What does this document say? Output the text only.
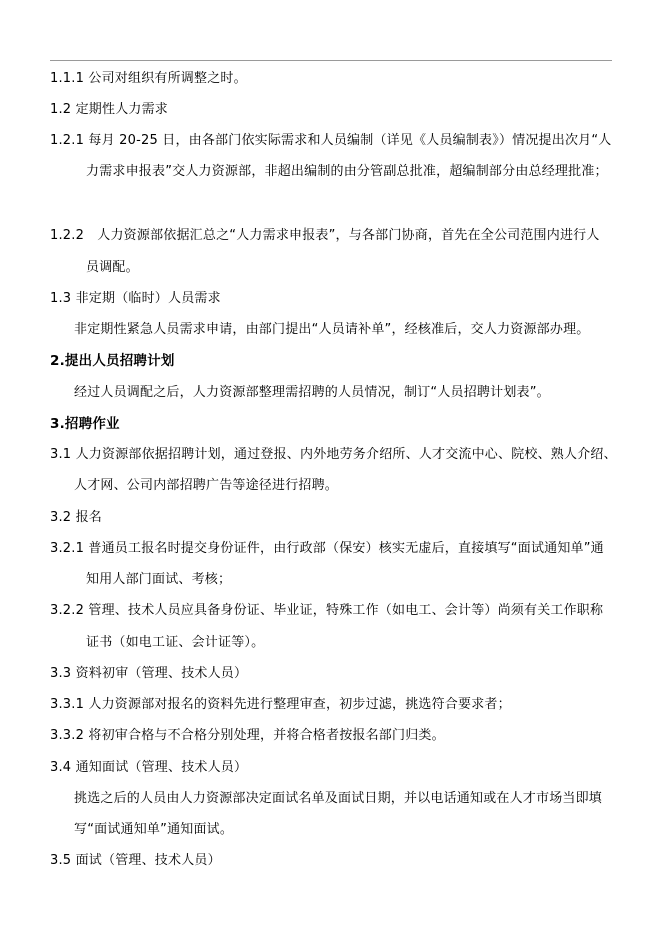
1.1.1 公司对组织有所调整之时。
1.2 定期性人力需求
1.2.1 每月 20-25 日，由各部门依实际需求和人员编制（详见《人员编制表》）情况提出次月“人
力需求申报表”交人力资源部，非超出编制的由分管副总批准，超编制部分由总经理批准；
1.2.2　人力资源部依据汇总之“人力需求申报表”，与各部门协商，首先在全公司范围内进行人
员调配。
1.3 非定期（临时）人员需求
非定期性紧急人员需求申请，由部门提出“人员请补单”，经核准后，交人力资源部办理。
2.提出人员招聘计划
经过人员调配之后，人力资源部整理需招聘的人员情况，制订“人员招聘计划表”。
3.招聘作业
3.1 人力资源部依据招聘计划，通过登报、内外地劳务介绍所、人才交流中心、院校、熟人介绍、
人才网、公司内部招聘广告等途径进行招聘。
3.2 报名
3.2.1 普通员工报名时提交身份证件，由行政部（保安）核实无虚后，直接填写“面试通知单”通
知用人部门面试、考核；
3.2.2 管理、技术人员应具备身份证、毕业证，特殊工作（如电工、会计等）尚须有关工作职称
证书（如电工证、会计证等）。
3.3 资料初审（管理、技术人员）
3.3.1 人力资源部对报名的资料先进行整理审查，初步过滤，挑选符合要求者；
3.3.2 将初审合格与不合格分别处理，并将合格者按报名部门归类。
3.4 通知面试（管理、技术人员）
挑选之后的人员由人力资源部决定面试名单及面试日期，并以电话通知或在人才市场当即填
写“面试通知单”通知面试。
3.5 面试（管理、技术人员）
